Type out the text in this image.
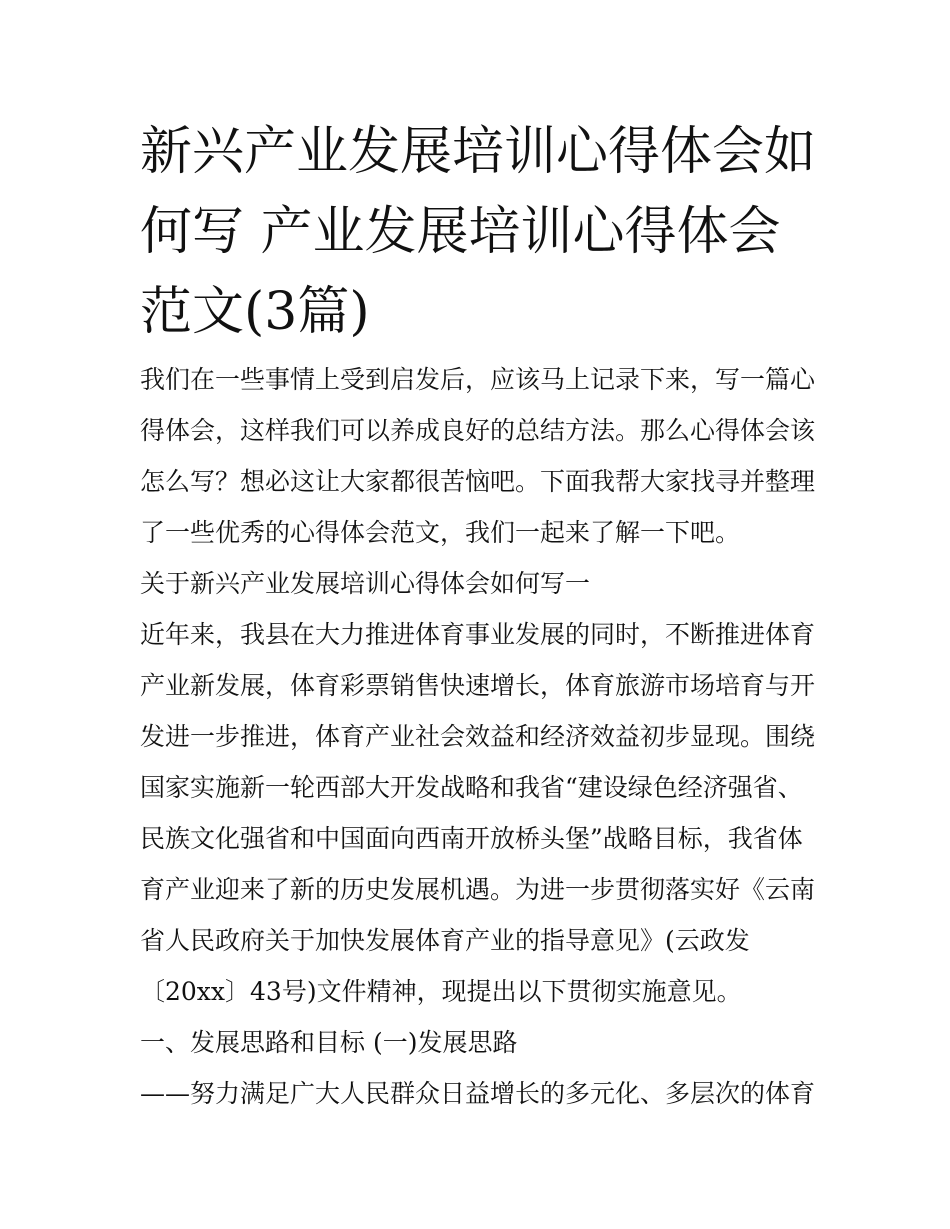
新兴产业发展培训心得体会如何写 产业发展培训心得体会范文(3篇)

我们在一些事情上受到启发后，应该马上记录下来，写一篇心得体会，这样我们可以养成良好的总结方法。那么心得体会该怎么写？想必这让大家都很苦恼吧。下面我帮大家找寻并整理了一些优秀的心得体会范文，我们一起来了解一下吧。

关于新兴产业发展培训心得体会如何写一

近年来，我县在大力推进体育事业发展的同时，不断推进体育产业新发展，体育彩票销售快速增长，体育旅游市场培育与开发进一步推进，体育产业社会效益和经济效益初步显现。围绕国家实施新一轮西部大开发战略和我省“建设绿色经济强省、民族文化强省和中国面向西南开放桥头堡”战略目标，我省体育产业迎来了新的历史发展机遇。为进一步贯彻落实好《云南省人民政府关于加快发展体育产业的指导意见》(云政发〔20xx〕43号)文件精神，现提出以下贯彻实施意见。

一、发展思路和目标 (一)发展思路

——努力满足广大人民群众日益增长的多元化、多层次的体育
